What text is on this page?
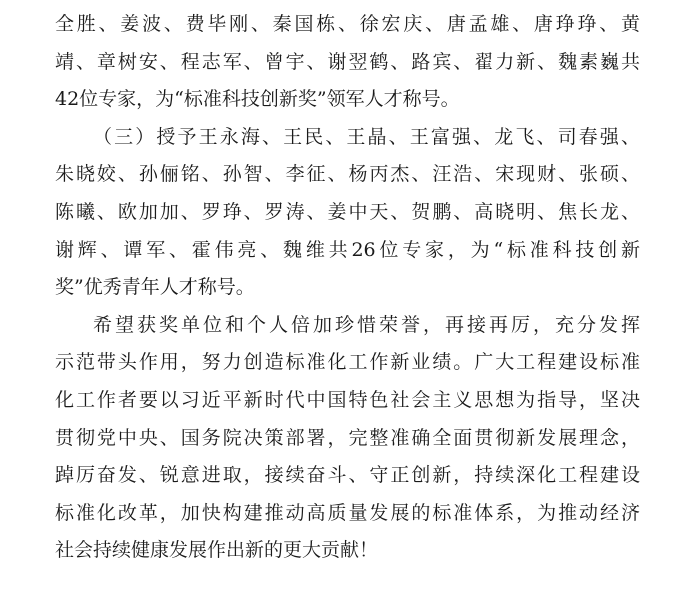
全胜、姜波、费毕刚、秦国栋、徐宏庆、唐孟雄、唐琤琤、黄
靖、章树安、程志军、曾宇、谢翌鹤、路宾、翟力新、魏素巍共
42位专家，为“标准科技创新奖”领军人才称号。
（三）授予王永海、王民、王晶、王富强、龙飞、司春强、
朱晓姣、孙俪铭、孙智、李征、杨丙杰、汪浩、宋现财、张硕、
陈曦、欧加加、罗琤、罗涛、姜中天、贺鹏、高晓明、焦长龙、
谢辉、谭军、霍伟亮、魏维共26位专家，为“标准科技创新
奖”优秀青年人才称号。
希望获奖单位和个人倍加珍惜荣誉，再接再厉，充分发挥
示范带头作用，努力创造标准化工作新业绩。广大工程建设标准
化工作者要以习近平新时代中国特色社会主义思想为指导，坚决
贯彻党中央、国务院决策部署，完整准确全面贯彻新发展理念，
踔厉奋发、锐意进取，接续奋斗、守正创新，持续深化工程建设
标准化改革，加快构建推动高质量发展的标准体系，为推动经济
社会持续健康发展作出新的更大贡献！
